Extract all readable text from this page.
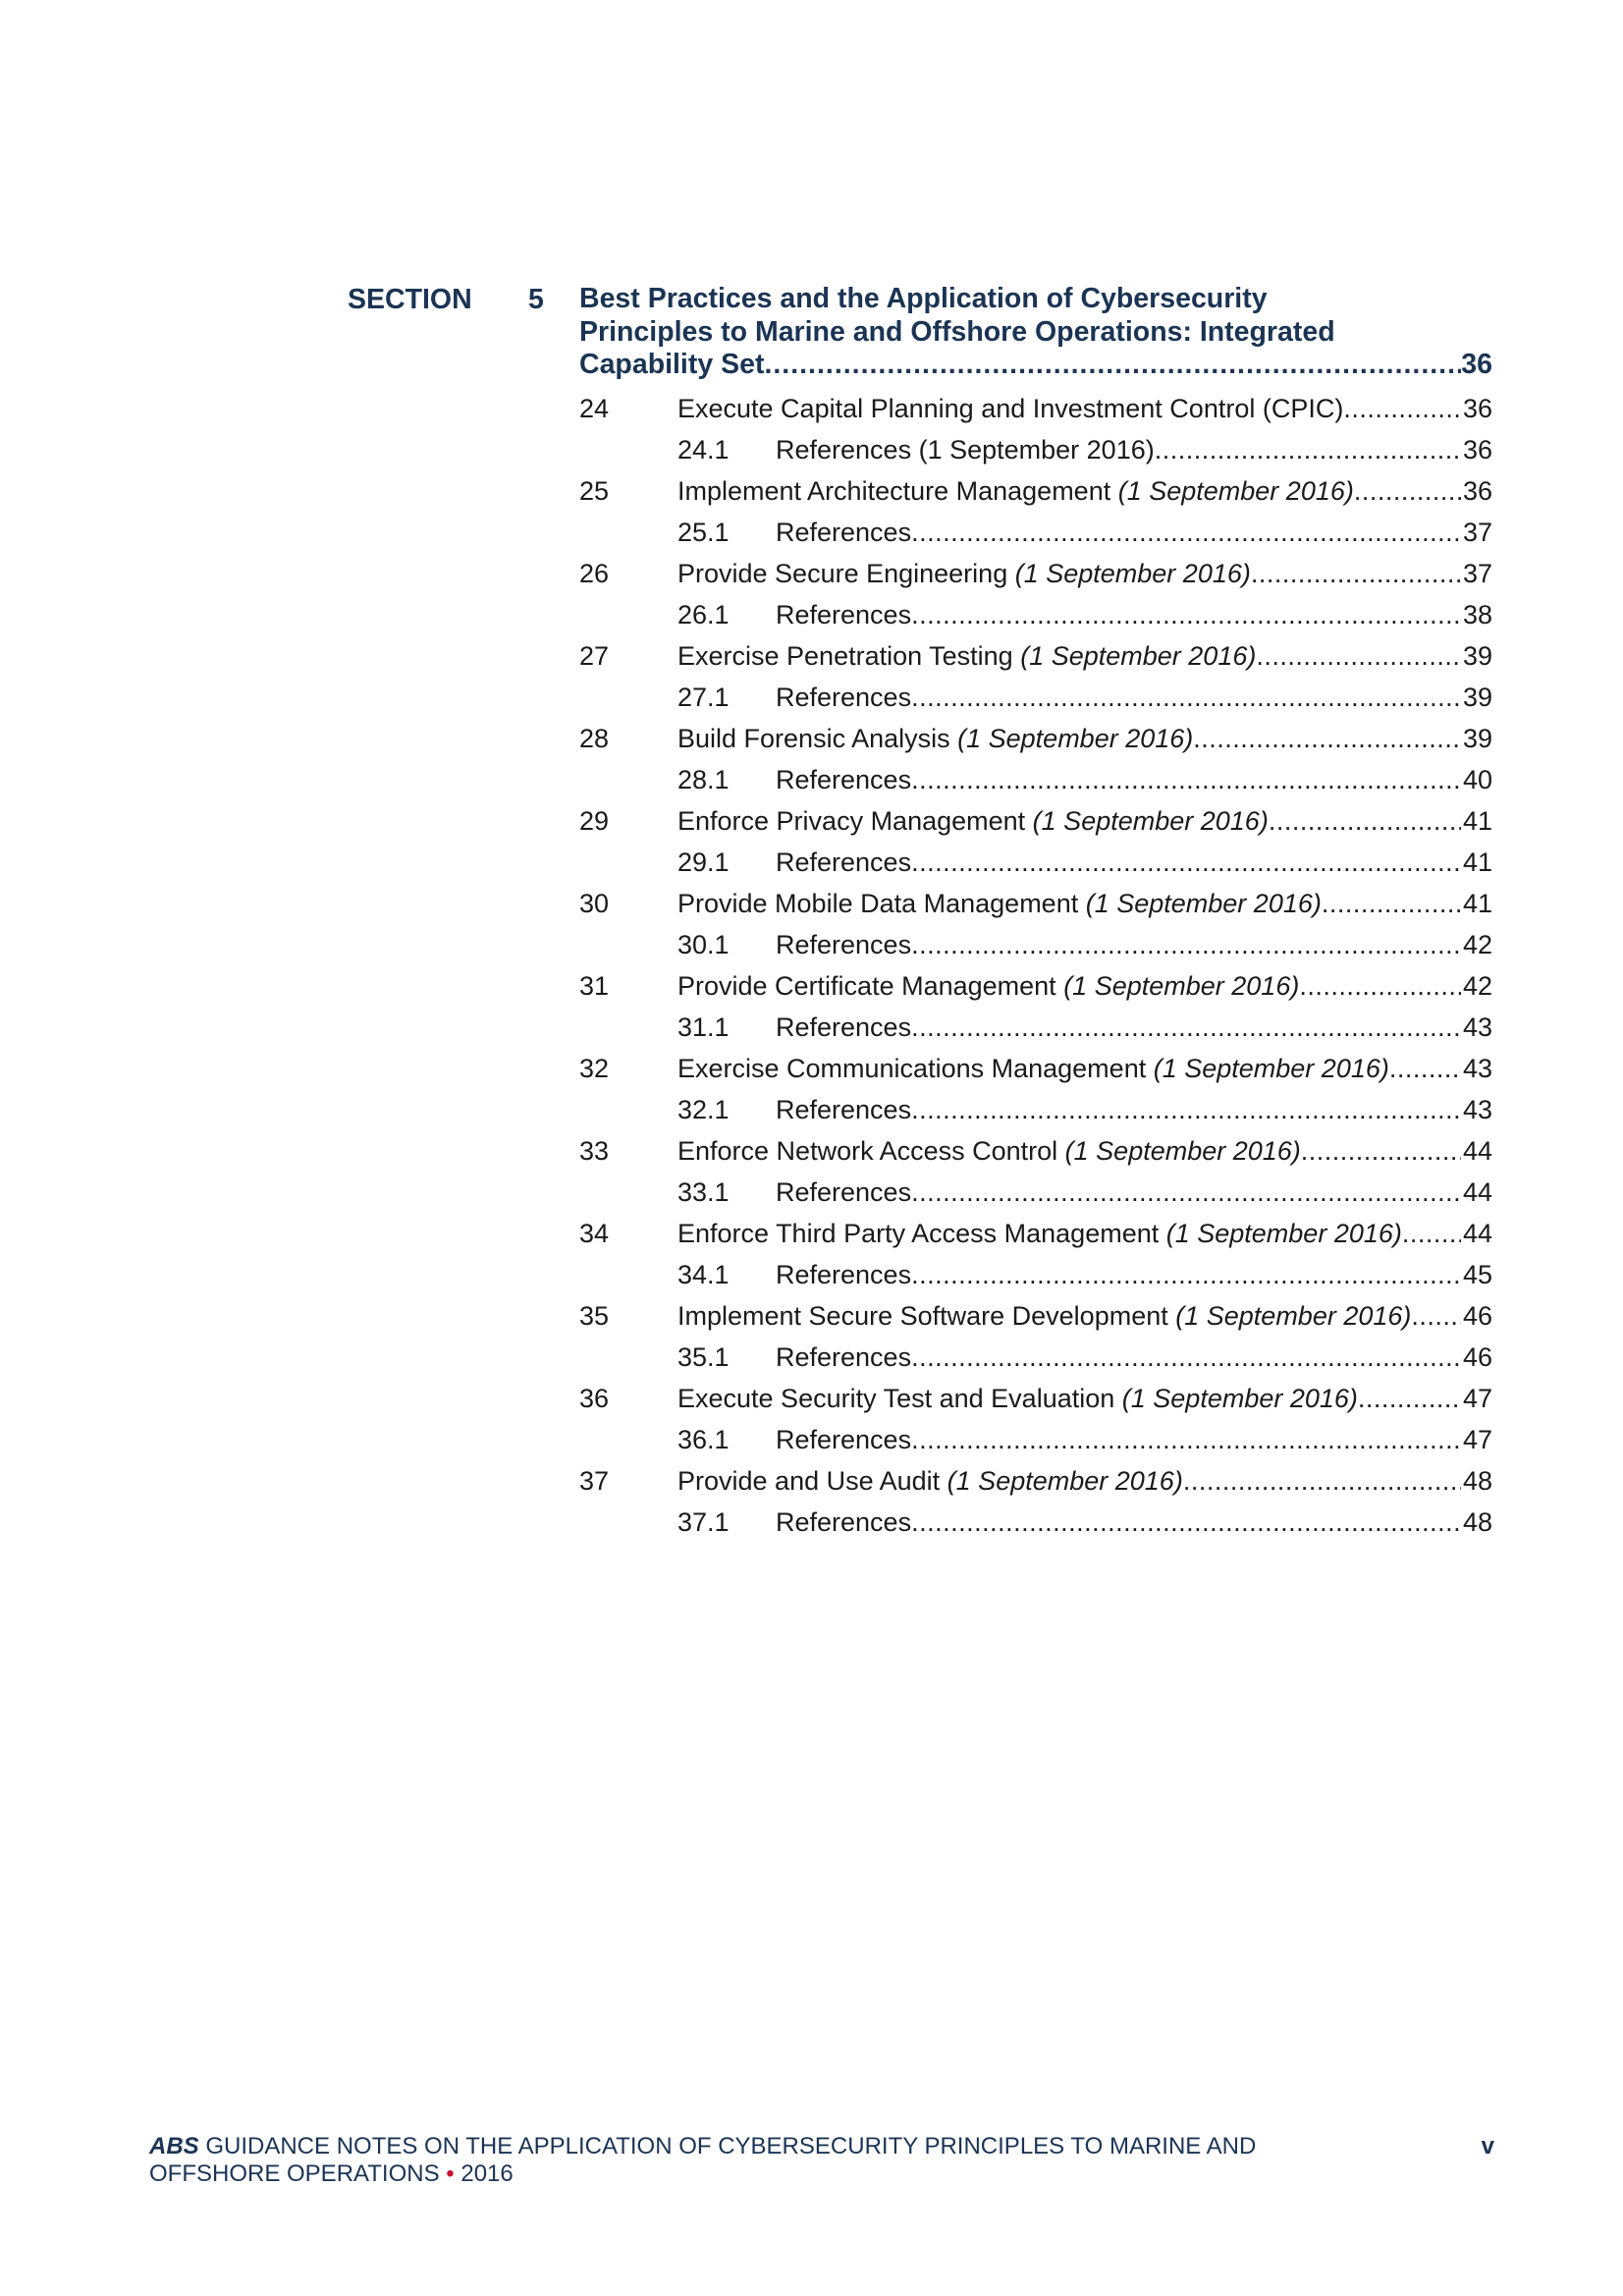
SECTION 5 Best Practices and the Application of Cybersecurity
Principles to Marine and Offshore Operations: Integrated
Capability Set .....	36
24	Execute Capital Planning and Investment Control (CPIC) .....	36
24.1 References (1 September 2016) .....	36
25	Implement Architecture Management (1 September 2016) .....	36
25.1 References .....	37
26	Provide Secure Engineering (1 September 2016) .....	37
26.1 References .....	38
27	Exercise Penetration Testing (1 September 2016) .....	39
27.1 References .....	39
28	Build Forensic Analysis (1 September 2016) .....	39
28.1 References .....	40
29	Enforce Privacy Management (1 September 2016) .....	41
29.1 References .....	41
30	Provide Mobile Data Management (1 September 2016) .....	41
30.1 References .....	42
31	Provide Certificate Management (1 September 2016) .....	42
31.1 References .....	43
32	Exercise Communications Management (1 September 2016) .....	43
32.1 References .....	43
33	Enforce Network Access Control (1 September 2016) .....	44
33.1 References .....	44
34	Enforce Third Party Access Management (1 September 2016) ..... 44
34.1 References .....	45
35	Implement Secure Software Development (1 September 2016) ..... 46
35.1 References .....	46
36	Execute Security Test and Evaluation (1 September 2016) .....	47
36.1 References .....	47
37	Provide and Use Audit (1 September 2016) .....	48
37.1 References .....	48
ABS GUIDANCE NOTES ON THE APPLICATION OF CYBERSECURITY PRINCIPLES TO MARINE AND
OFFSHORE OPERATIONS • 2016
v
